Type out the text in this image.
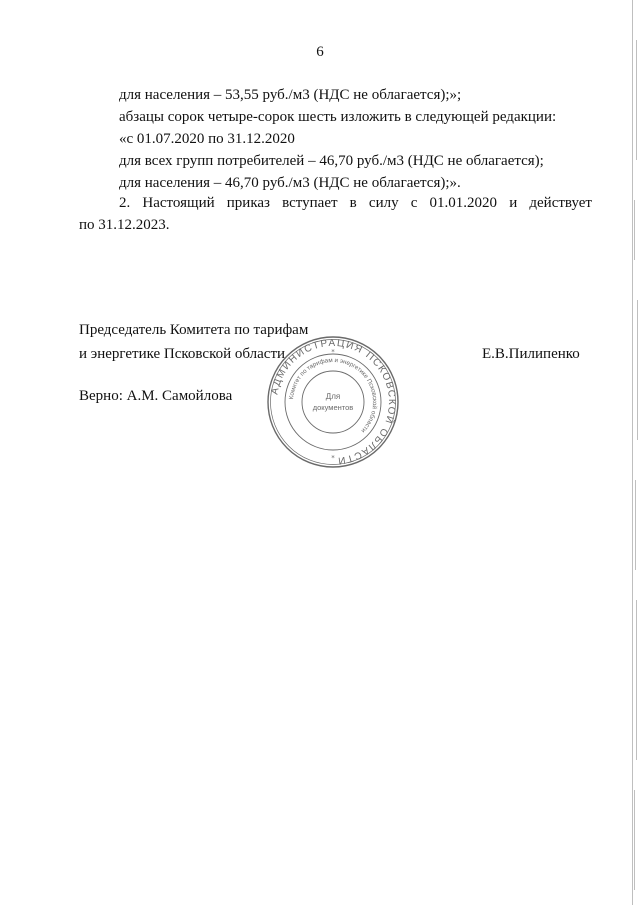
6
для населения – 53,55 руб./м3 (НДС не облагается);»;
абзацы сорок четыре-сорок шесть изложить в следующей редакции:
«с 01.07.2020 по 31.12.2020
для всех групп потребителей – 46,70 руб./м3 (НДС не облагается);
для населения – 46,70 руб./м3 (НДС не облагается);».
2. Настоящий приказ вступает в силу с 01.01.2020 и действует
по 31.12.2023.
Председатель Комитета по тарифам
и энергетике Псковской области	Е.В.Пилипенко
Верно: А.М. Самойлова	АДМИНИСТРАЦИЯ ПСКОВСКОЙ ОБЛАСТИ
Комитет по тарифам и энергетике Псковской области
Для
документов
*
*
